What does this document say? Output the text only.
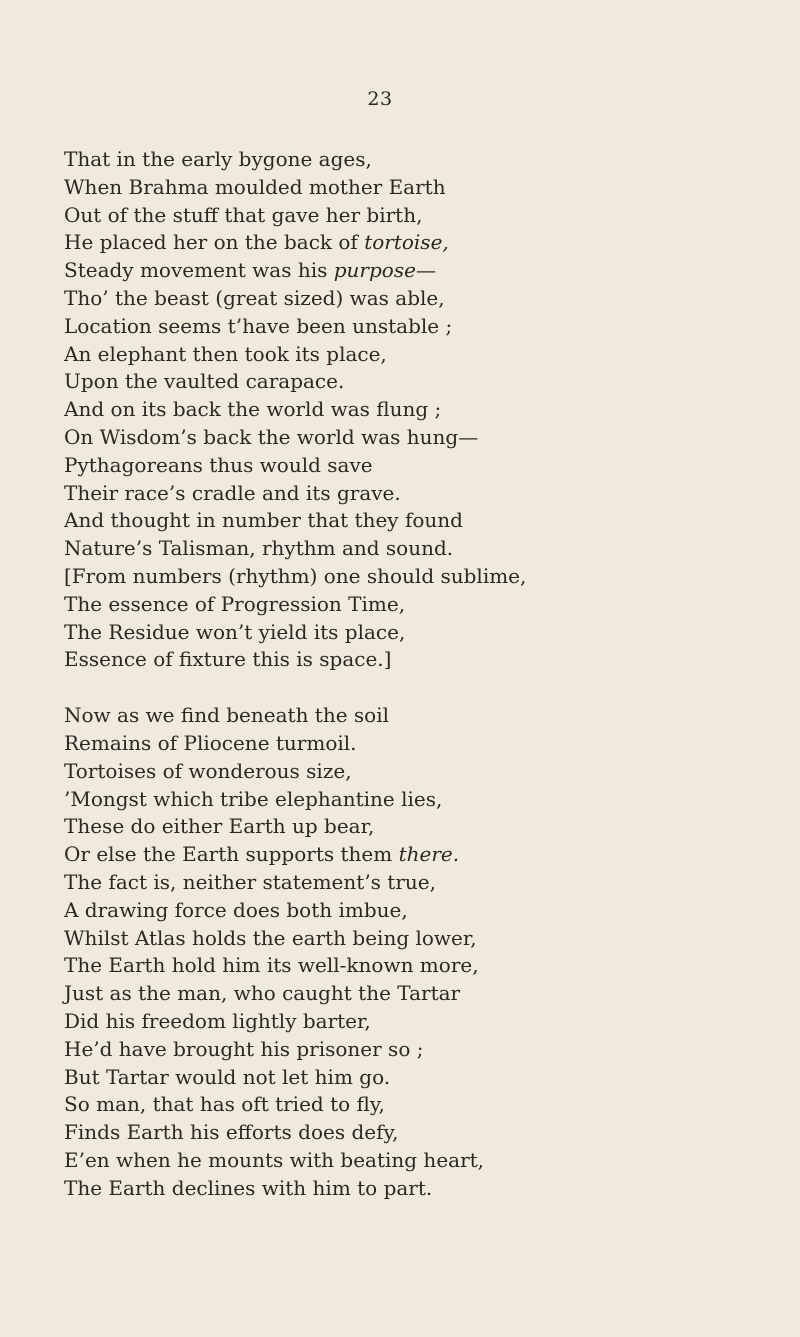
23
That in the early bygone ages,
When Brahma moulded mother Earth
Out of the stuff that gave her birth,
He placed her on the back of tortoise,
Steady movement was his purpose—
Tho’ the beast (great sized) was able,
Location seems t’have been unstable ;
An elephant then took its place,
Upon the vaulted carapace.
And on its back the world was flung ;
On Wisdom’s back the world was hung—
Pythagoreans thus would save
Their race’s cradle and its grave.
And thought in number that they found
Nature’s Talisman, rhythm and sound.
[From numbers (rhythm) one should sublime,
The essence of Progression Time,
The Residue won’t yield its place,
Essence of fixture this is space.]
Now as we find beneath the soil
Remains of Pliocene turmoil.
Tortoises of wonderous size,
’Mongst which tribe elephantine lies,
These do either Earth up bear,
Or else the Earth supports them there.
The fact is, neither statement’s true,
A drawing force does both imbue,
Whilst Atlas holds the earth being lower,
The Earth hold him its well-known more,
Just as the man, who caught the Tartar
Did his freedom lightly barter,
He’d have brought his prisoner so ;
But Tartar would not let him go.
So man, that has oft tried to fly,
Finds Earth his efforts does defy,
E’en when he mounts with beating heart,
The Earth declines with him to part.
